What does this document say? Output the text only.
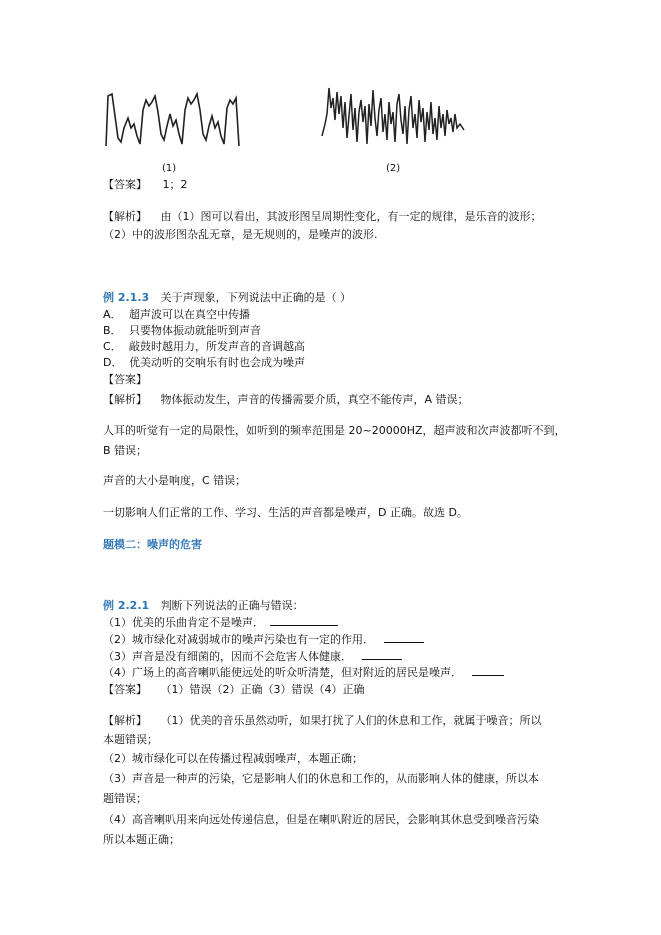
(1)	(2)
【答案】 1；2
【解析】 由（1）图可以看出，其波形图呈周期性变化，有一定的规律，是乐音的波形；
（2）中的波形图杂乱无章，是无规则的，是噪声的波形.
例 2.1.3 关于声现象，下列说法中正确的是（ ）
A． 超声波可以在真空中传播
B． 只要物体振动就能听到声音
C． 敲鼓时越用力，所发声音的音调越高
D． 优美动听的交响乐有时也会成为噪声
【答案】
【解析】 物体振动发生，声音的传播需要介质，真空不能传声，A 错误；
人耳的听觉有一定的局限性，如听到的频率范围是 20~20000HZ，超声波和次声波都听不到，
B 错误；
声音的大小是响度，C 错误；
一切影响人们正常的工作、学习、生活的声音都是噪声，D 正确。故选 D。
题模二：噪声的危害
例 2.2.1 判断下列说法的正确与错误：
（1）优美的乐曲肯定不是噪声．
（2）城市绿化对减弱城市的噪声污染也有一定的作用．
（3）声音是没有细菌的，因而不会危害人体健康．
（4）广场上的高音喇叭能使远处的听众听清楚，但对附近的居民是噪声．
【答案】 （1）错误（2）正确（3）错误（4）正确
【解析】 （1）优美的音乐虽然动听，如果打扰了人们的休息和工作，就属于噪音；所以
本题错误；
（2）城市绿化可以在传播过程减弱噪声，本题正确；
（3）声音是一种声的污染，它是影响人们的休息和工作的，从而影响人体的健康，所以本
题错误；
（4）高音喇叭用来向远处传递信息，但是在喇叭附近的居民，会影响其休息受到噪音污染
所以本题正确；
